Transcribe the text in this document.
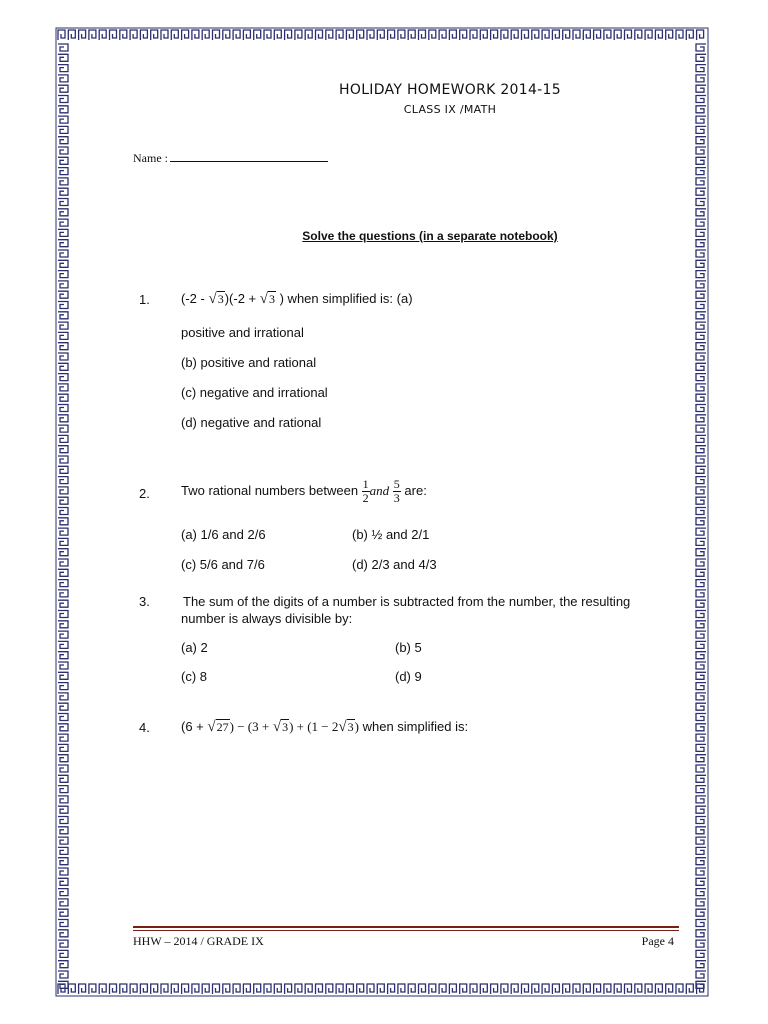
HOLIDAY HOMEWORK 2014-15
CLASS IX /MATH
Name :
Solve the questions (in a separate notebook)
1. (-2 - √3)(-2 + √3 ) when simplified is: (a)
positive and irrational
(b) positive and rational
(c) negative and irrational
(d) negative and rational
2. Two rational numbers between $\frac{1}{2}$ and $\frac{5}{3}$ are:
(a) 1/6 and 2/6	(b) ½ and 2/1
(c) 5/6 and 7/6	(d) 2/3 and 4/3
3.	The sum of the digits of a number is subtracted from the number, the resulting
number is always divisible by:
(a) 2	(b) 5
(c) 8	(d) 9
4. (6 + √27) − (3 + √3) + (1 − 2√3) when simplified is:
HHW – 2014 / GRADE IX	Page 4
